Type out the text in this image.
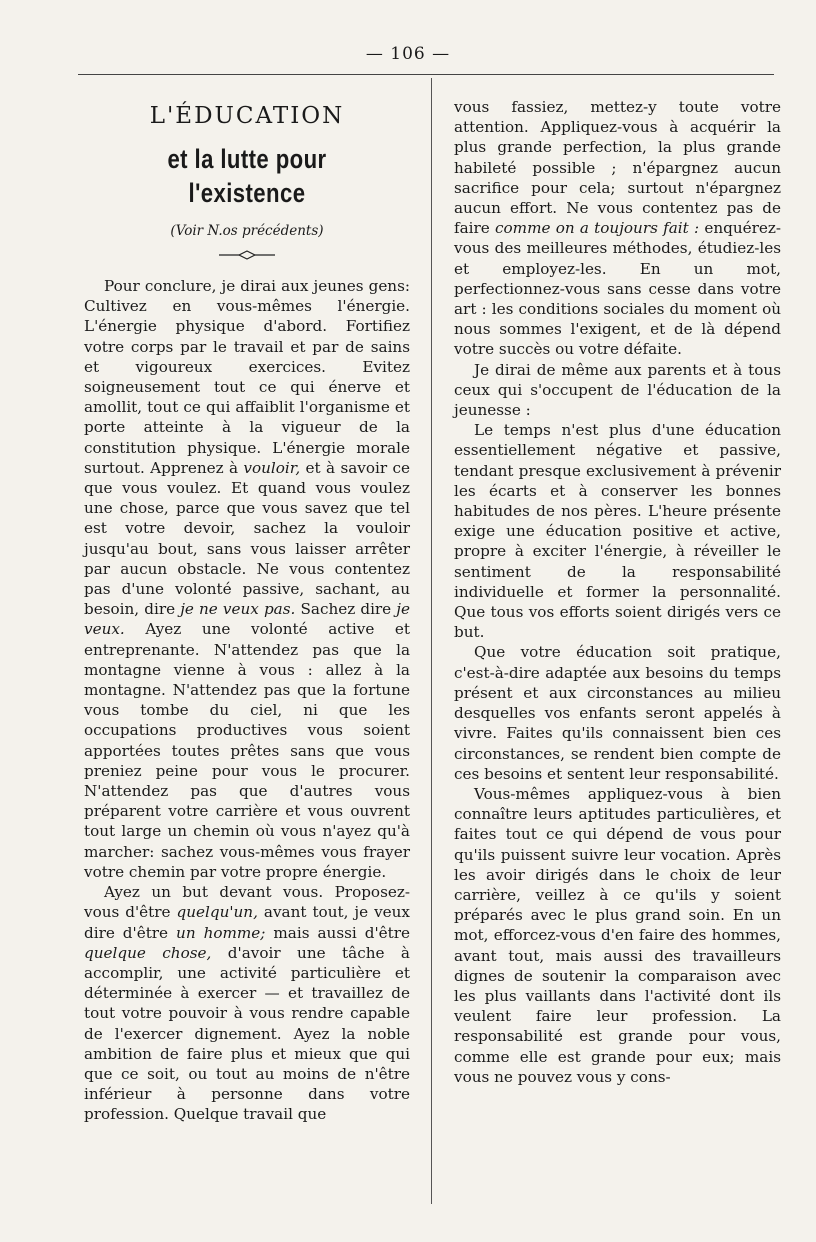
— 106 —
L'ÉDUCATION
et la lutte pour l'existence

(Voir N.os précédents)

Pour conclure, je dirai aux jeunes gens: Cultivez en vous-mêmes l'énergie. L'énergie physique d'abord. Fortifiez votre corps par le travail et par de sains et vigoureux exercices. Evitez soigneusement tout ce qui énerve et amollit, tout ce qui affaiblit l'organisme et porte atteinte à la vigueur de la constitution physique. L'énergie morale surtout. Apprenez à vouloir, et à savoir ce que vous voulez. Et quand vous voulez une chose, parce que vous savez que tel est votre devoir, sachez la vouloir jusqu'au bout, sans vous laisser arrêter par aucun obstacle. Ne vous contentez pas d'une volonté passive, sachant, au besoin, dire je ne veux pas. Sachez dire je veux. Ayez une volonté active et entreprenante. N'attendez pas que la montagne vienne à vous : allez à la montagne. N'attendez pas que la fortune vous tombe du ciel, ni que les occupations productives vous soient apportées toutes prêtes sans que vous preniez peine pour vous le procurer. N'attendez pas que d'autres vous préparent votre carrière et vous ouvrent tout large un chemin où vous n'ayez qu'à marcher: sachez vous-mêmes vous frayer votre chemin par votre propre énergie.

Ayez un but devant vous. Proposez-vous d'être quelqu'un, avant tout, je veux dire d'être un homme; mais aussi d'être quelque chose, d'avoir une tâche à accomplir, une activité particulière et déterminée à exercer — et travaillez de tout votre pouvoir à vous rendre capable de l'exercer dignement. Ayez la noble ambition de faire plus et mieux que qui que ce soit, ou tout au moins de n'être inférieur à personne dans votre profession. Quelque travail que

vous fassiez, mettez-y toute votre attention. Appliquez-vous à acquérir la plus grande perfection, la plus grande habileté possible ; n'épargnez aucun sacrifice pour cela; surtout n'épargnez aucun effort. Ne vous contentez pas de faire comme on a toujours fait : enquérez-vous des meilleures méthodes, étudiez-les et employez-les. En un mot, perfectionnez-vous sans cesse dans votre art : les conditions sociales du moment où nous sommes l'exigent, et de là dépend votre succès ou votre défaite.

Je dirai de même aux parents et à tous ceux qui s'occupent de l'éducation de la jeunesse :

Le temps n'est plus d'une éducation essentiellement négative et passive, tendant presque exclusivement à prévenir les écarts et à conserver les bonnes habitudes de nos pères. L'heure présente exige une éducation positive et active, propre à exciter l'énergie, à réveiller le sentiment de la responsabilité individuelle et former la personnalité. Que tous vos efforts soient dirigés vers ce but.

Que votre éducation soit pratique, c'est-à-dire adaptée aux besoins du temps présent et aux circonstances au milieu desquelles vos enfants seront appelés à vivre. Faites qu'ils connaissent bien ces circonstances, se rendent bien compte de ces besoins et sentent leur responsabilité.

Vous-mêmes appliquez-vous à bien connaître leurs aptitudes particulières, et faites tout ce qui dépend de vous pour qu'ils puissent suivre leur vocation. Après les avoir dirigés dans le choix de leur carrière, veillez à ce qu'ils y soient préparés avec le plus grand soin. En un mot, efforcez-vous d'en faire des hommes, avant tout, mais aussi des travailleurs dignes de soutenir la comparaison avec les plus vaillants dans l'activité dont ils veulent faire leur profession. La responsabilité est grande pour vous, comme elle est grande pour eux; mais vous ne pouvez vous y cons-
